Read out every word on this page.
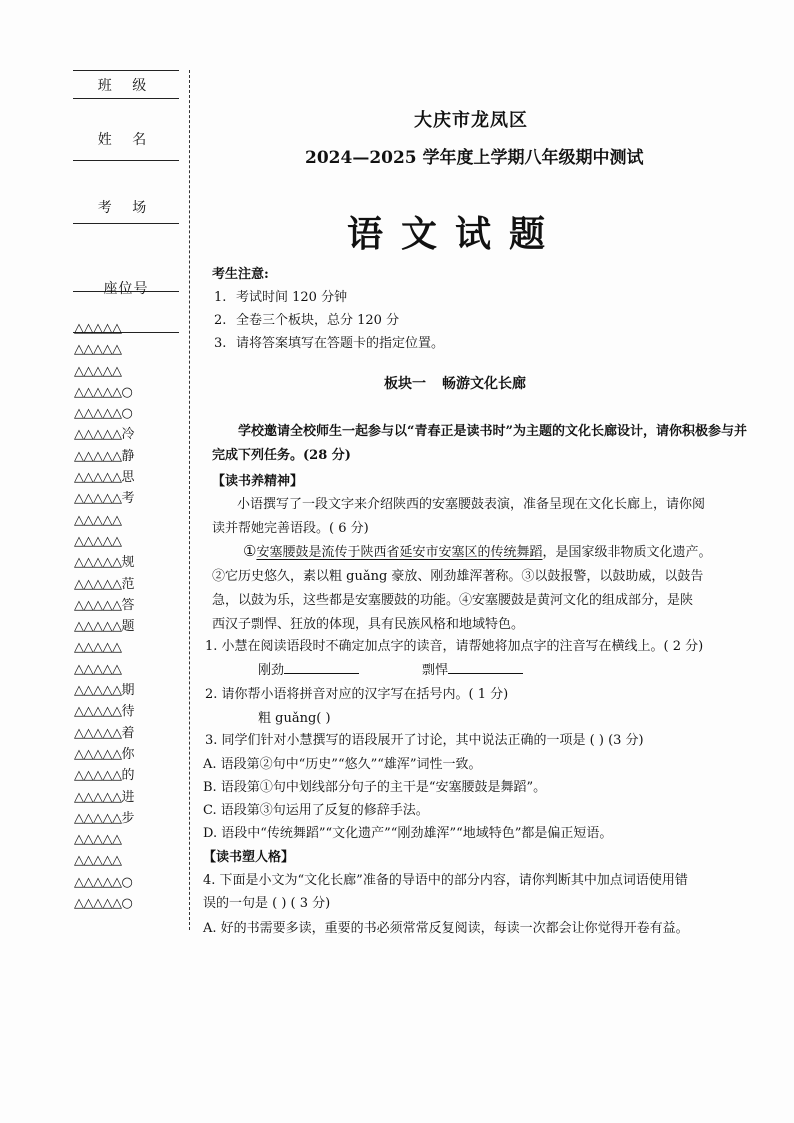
班 级
姓 名
考 场
座位号
△△△△△
△△△△△
△△△△△
△△△△△○
△△△△△○
△△△△△冷
△△△△△静
△△△△△思
△△△△△考
△△△△△
△△△△△
△△△△△规
△△△△△范
△△△△△答
△△△△△题
△△△△△
△△△△△
△△△△△期
△△△△△待
△△△△△着
△△△△△你
△△△△△的
△△△△△进
△△△△△步
△△△△△
△△△△△
△△△△△○
△△△△△○
大庆市龙凤区
2024—2025 学年度上学期八年级期中测试
语文试题
考生注意:
1. 考试时间 120 分钟
2. 全卷三个板块，总分 120 分
3. 请将答案填写在答题卡的指定位置。
板块一 畅游文化长廊
学校邀请全校师生一起参与以“青春正是读书时”为主题的文化长廊设计，请你积极参与并完成下列任务。(28 分)
【读书养精神】
小语撰写了一段文字来介绍陕西的安塞腰鼓表演，准备呈现在文化长廊上，请你阅
读并帮她完善语段。( 6 分)
①安塞腰鼓是流传于陕西省延安市安塞区的传统舞蹈，是国家级非物质文化遗产。
②它历史悠久，素以粗 guǎng 豪放、刚劲雄浑著称。③以鼓报警，以鼓助威，以鼓告
急，以鼓为乐，这些都是安塞腰鼓的功能。④安塞腰鼓是黄河文化的组成部分，是陕
西汉子剽悍、狂放的体现，具有民族风格和地域特色。
1. 小慧在阅读语段时不确定加点字的读音，请帮她将加点字的注音写在横线上。( 2 分)
刚劲	剽悍
2. 请你帮小语将拼音对应的汉字写在括号内。( 1 分)
粗 guǎng( )
3. 同学们针对小慧撰写的语段展开了讨论，其中说法正确的一项是 ( ) (3 分)
A. 语段第②句中“历史”“悠久”“雄浑”词性一致。
B. 语段第①句中划线部分句子的主干是“安塞腰鼓是舞蹈”。
C. 语段第③句运用了反复的修辞手法。
D. 语段中“传统舞蹈”“文化遗产”“刚劲雄浑”“地域特色”都是偏正短语。
【读书塑人格】
4. 下面是小文为“文化长廊”准备的导语中的部分内容，请你判断其中加点词语使用错
误的一句是 ( ) ( 3 分)
A. 好的书需要多读，重要的书必须常常反复阅读，每读一次都会让你觉得开卷有益。
